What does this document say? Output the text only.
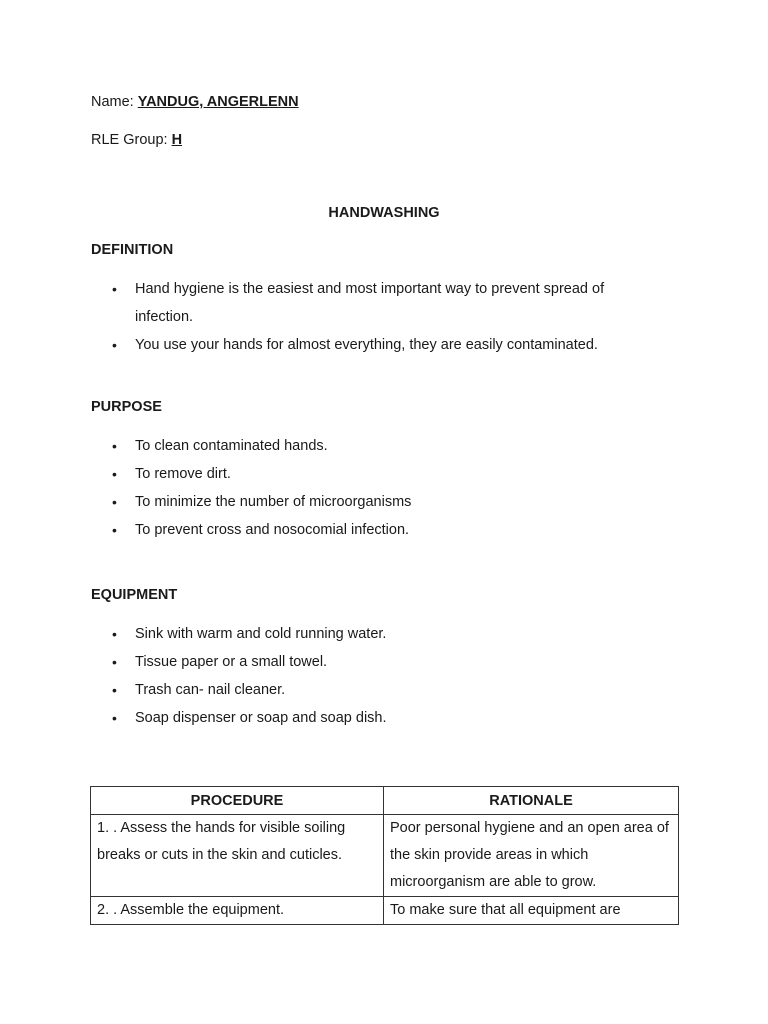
Name: YANDUG, ANGERLENN
RLE Group: H
HANDWASHING
DEFINITION
• Hand hygiene is the easiest and most important way to prevent spread of infection.
• You use your hands for almost everything, they are easily contaminated.
PURPOSE
• To clean contaminated hands.
• To remove dirt.
• To minimize the number of microorganisms
• To prevent cross and nosocomial infection.
EQUIPMENT
• Sink with warm and cold running water.
• Tissue paper or a small towel.
• Trash can- nail cleaner.
• Soap dispenser or soap and soap dish.
PROCEDURE	RATIONALE
1. . Assess the hands for visible soiling breaks or cuts in the skin and cuticles.	Poor personal hygiene and an open area of the skin provide areas in which microorganism are able to grow.
2. . Assemble the equipment.	To make sure that all equipment are
